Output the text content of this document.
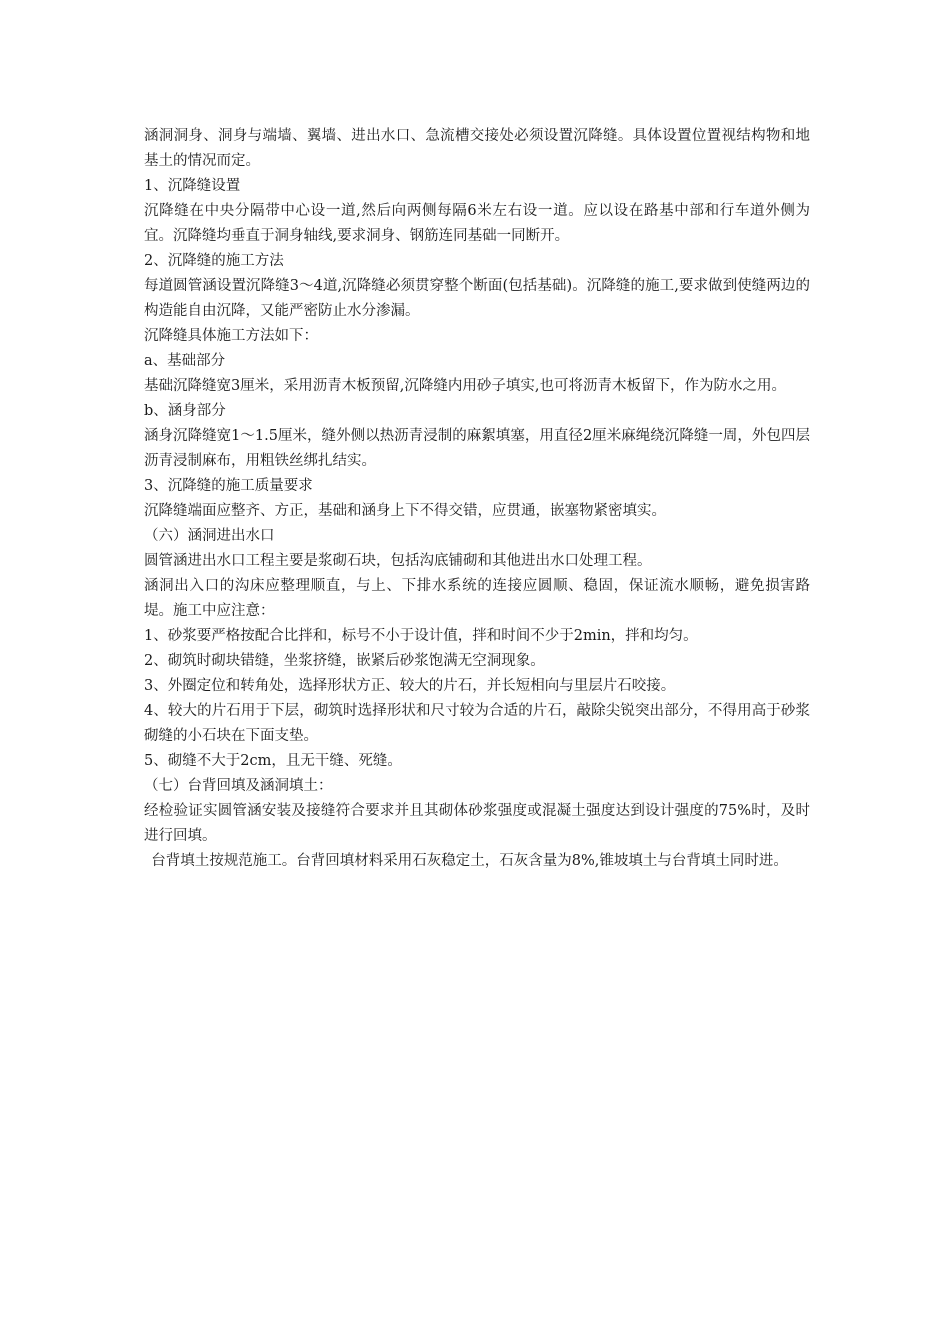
涵洞洞身、洞身与端墙、翼墙、进出水口、急流槽交接处必须设置沉降缝。具体设置位置视结构物和地基土的情况而定。

1、沉降缝设置

沉降缝在中央分隔带中心设一道,然后向两侧每隔6米左右设一道。应以设在路基中部和行车道外侧为宜。沉降缝均垂直于洞身轴线,要求洞身、钢筋连同基础一同断开。

2、沉降缝的施工方法

每道圆管涵设置沉降缝3～4道,沉降缝必须贯穿整个断面(包括基础)。沉降缝的施工,要求做到使缝两边的构造能自由沉降，又能严密防止水分渗漏。

沉降缝具体施工方法如下：

a、基础部分

基础沉降缝宽3厘米，采用沥青木板预留,沉降缝内用砂子填实,也可将沥青木板留下，作为防水之用。

b、涵身部分

涵身沉降缝宽1～1.5厘米，缝外侧以热沥青浸制的麻絮填塞，用直径2厘米麻绳绕沉降缝一周，外包四层沥青浸制麻布，用粗铁丝绑扎结实。

3、沉降缝的施工质量要求

沉降缝端面应整齐、方正，基础和涵身上下不得交错，应贯通，嵌塞物紧密填实。

（六）涵洞进出水口

圆管涵进出水口工程主要是浆砌石块，包括沟底铺砌和其他进出水口处理工程。

涵洞出入口的沟床应整理顺直，与上、下排水系统的连接应圆顺、稳固，保证流水顺畅，避免损害路堤。施工中应注意：

1、砂浆要严格按配合比拌和，标号不小于设计值，拌和时间不少于2min，拌和均匀。

2、砌筑时砌块错缝，坐浆挤缝，嵌紧后砂浆饱满无空洞现象。

3、外圈定位和转角处，选择形状方正、较大的片石，并长短相向与里层片石咬接。

4、较大的片石用于下层，砌筑时选择形状和尺寸较为合适的片石，敲除尖锐突出部分，不得用高于砂浆砌缝的小石块在下面支垫。

5、砌缝不大于2cm，且无干缝、死缝。

（七）台背回填及涵洞填土：

经检验证实圆管涵安装及接缝符合要求并且其砌体砂浆强度或混凝土强度达到设计强度的75%时，及时进行回填。

台背填土按规范施工。台背回填材料采用石灰稳定土，石灰含量为8%,锥坡填土与台背填土同时进。
